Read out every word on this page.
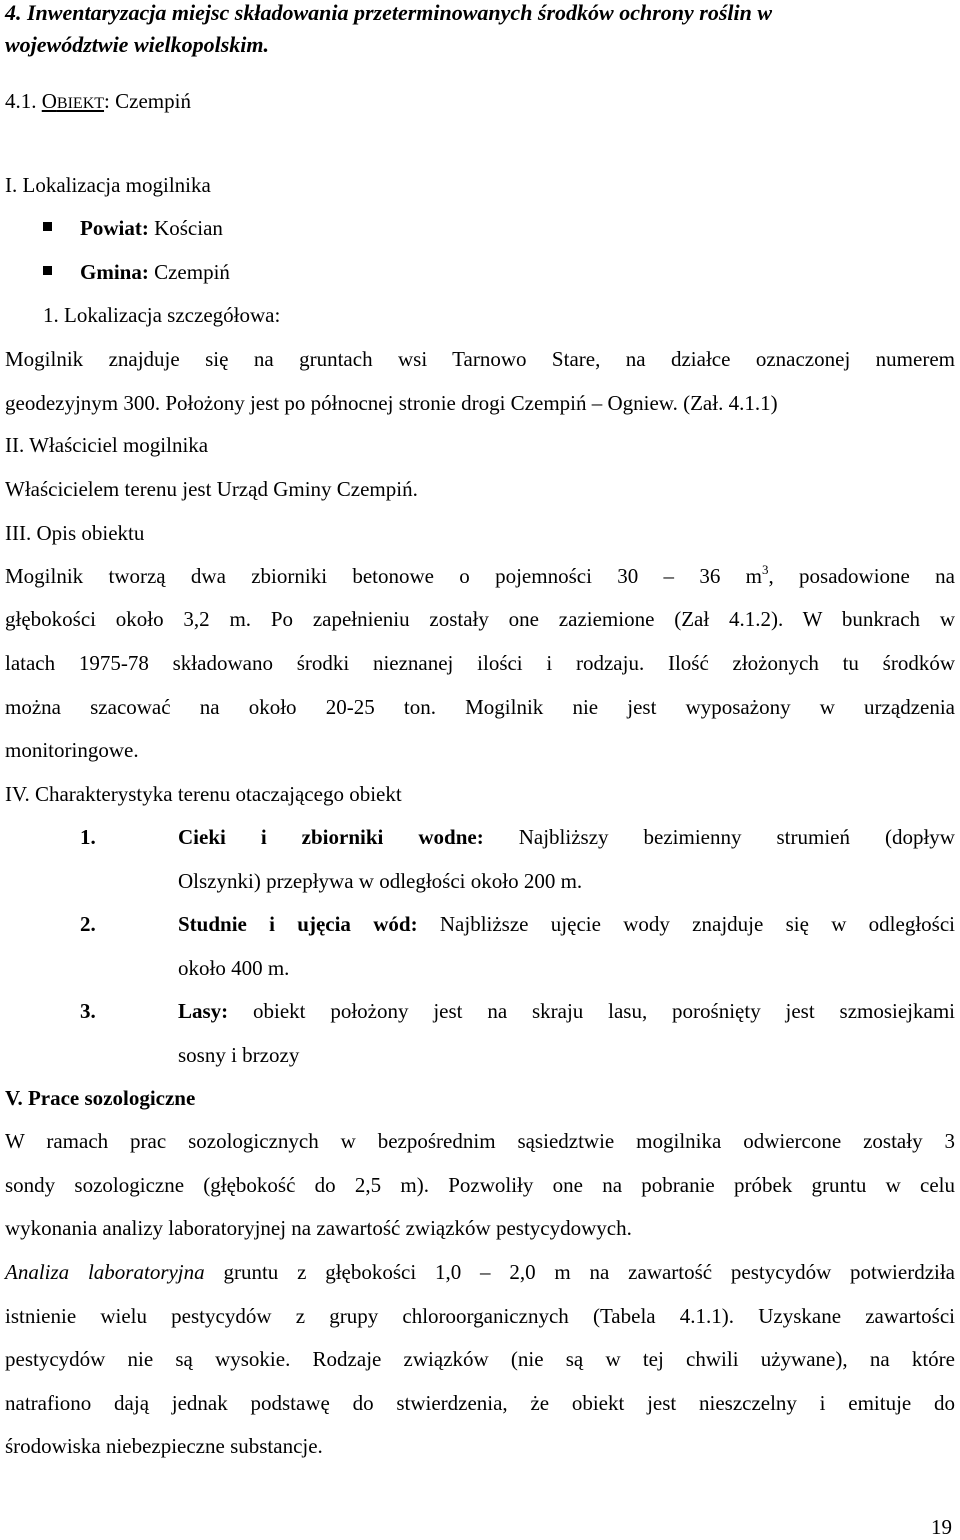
4. Inwentaryzacja miejsc składowania przeterminowanych środków ochrony roślin w
województwie wielkopolskim.
4.1. OBIEKT: Czempiń
I. Lokalizacja mogilnika
Powiat: Kościan
Gmina: Czempiń
1. Lokalizacja szczegółowa:
Mogilnik znajduje się na gruntach wsi Tarnowo Stare, na działce oznaczonej numerem
geodezyjnym 300. Położony jest po północnej stronie drogi Czempiń – Ogniew. (Zał. 4.1.1)
II. Właściciel mogilnika
Właścicielem terenu jest Urząd Gminy Czempiń.
III. Opis obiektu
Mogilnik tworzą dwa zbiorniki betonowe o pojemności 30 – 36 $m^3$, posadowione na
głębokości około 3,2 m. Po zapełnieniu zostały one zaziemione (Zał 4.1.2). W bunkrach w
latach 1975-78 składowano środki nieznanej ilości i rodzaju. Ilość złożonych tu środków
można szacować na około 20-25 ton. Mogilnik nie jest wyposażony w urządzenia
monitoringowe.
IV. Charakterystyka terenu otaczającego obiekt
1.	Cieki i zbiorniki wodne: Najbliższy bezimienny strumień (dopływ
Olszynki) przepływa w odległości około 200 m.
2.	Studnie i ujęcia wód: Najbliższe ujęcie wody znajduje się w odległości
około 400 m.
3.	Lasy: obiekt położony jest na skraju lasu, porośnięty jest szmosiejkami
sosny i brzozy
V. Prace sozologiczne
W ramach prac sozologicznych w bezpośrednim sąsiedztwie mogilnika odwiercone zostały 3
sondy sozologiczne (głębokość do 2,5 m). Pozwoliły one na pobranie próbek gruntu w celu
wykonania analizy laboratoryjnej na zawartość związków pestycydowych.
Analiza laboratoryjna gruntu z głębokości 1,0 – 2,0 m na zawartość pestycydów potwierdziła
istnienie wielu pestycydów z grupy chloroorganicznych (Tabela 4.1.1). Uzyskane zawartości
pestycydów nie są wysokie. Rodzaje związków (nie są w tej chwili używane), na które
natrafiono dają jednak podstawę do stwierdzenia, że obiekt jest nieszczelny i emituje do
środowiska niebezpieczne substancje.
19
